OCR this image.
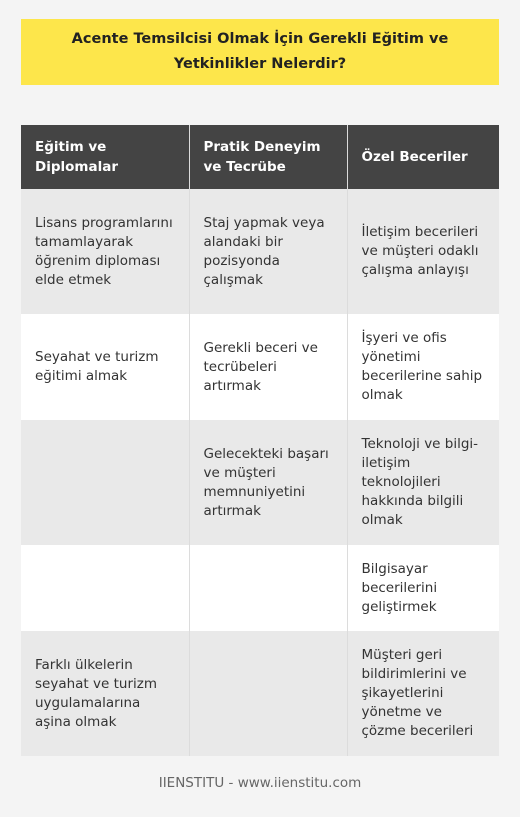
Acente Temsilcisi Olmak İçin Gerekli Eğitim ve Yetkinlikler Nelerdir?
Eğitim ve Diplomalar	Pratik Deneyim ve Tecrübe	Özel Beceriler
Lisans programlarını tamamlayarak öğrenim diploması elde etmek	Staj yapmak veya alandaki bir pozisyonda çalışmak	İletişim becerileri ve müşteri odaklı çalışma anlayışı
Seyahat ve turizm eğitimi almak	Gerekli beceri ve tecrübeleri artırmak	İşyeri ve ofis yönetimi becerilerine sahip olmak
	Gelecekteki başarı ve müşteri memnuniyetini artırmak	Teknoloji ve bilgi-iletişim teknolojileri hakkında bilgili olmak
		Bilgisayar becerilerini geliştirmek
Farklı ülkelerin seyahat ve turizm uygulamalarına aşina olmak		Müşteri geri bildirimlerini ve şikayetlerini yönetme ve çözme becerileri
IIENSTITU - www.iienstitu.com
